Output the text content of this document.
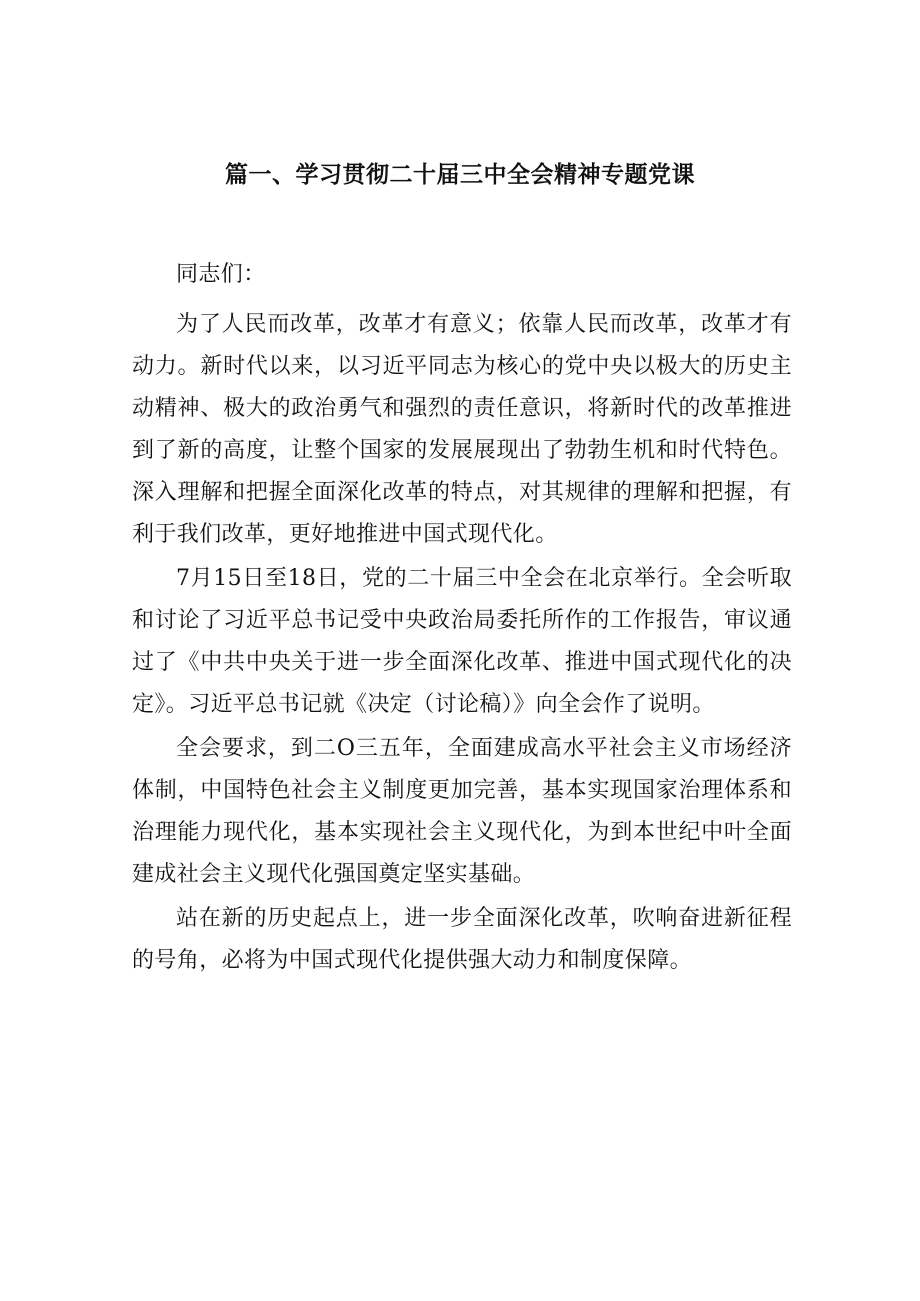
篇一、学习贯彻二十届三中全会精神专题党课

同志们：

为了人民而改革，改革才有意义；依靠人民而改革，改革才有动力。新时代以来，以习近平同志为核心的党中央以极大的历史主动精神、极大的政治勇气和强烈的责任意识，将新时代的改革推进到了新的高度，让整个国家的发展展现出了勃勃生机和时代特色。深入理解和把握全面深化改革的特点，对其规律的理解和把握，有利于我们改革，更好地推进中国式现代化。

7月15日至18日，党的二十届三中全会在北京举行。全会听取和讨论了习近平总书记受中央政治局委托所作的工作报告，审议通过了《中共中央关于进一步全面深化改革、推进中国式现代化的决定》。习近平总书记就《决定（讨论稿）》向全会作了说明。

全会要求，到二O三五年，全面建成高水平社会主义市场经济体制，中国特色社会主义制度更加完善，基本实现国家治理体系和治理能力现代化，基本实现社会主义现代化，为到本世纪中叶全面建成社会主义现代化强国奠定坚实基础。

站在新的历史起点上，进一步全面深化改革，吹响奋进新征程的号角，必将为中国式现代化提供强大动力和制度保障。
